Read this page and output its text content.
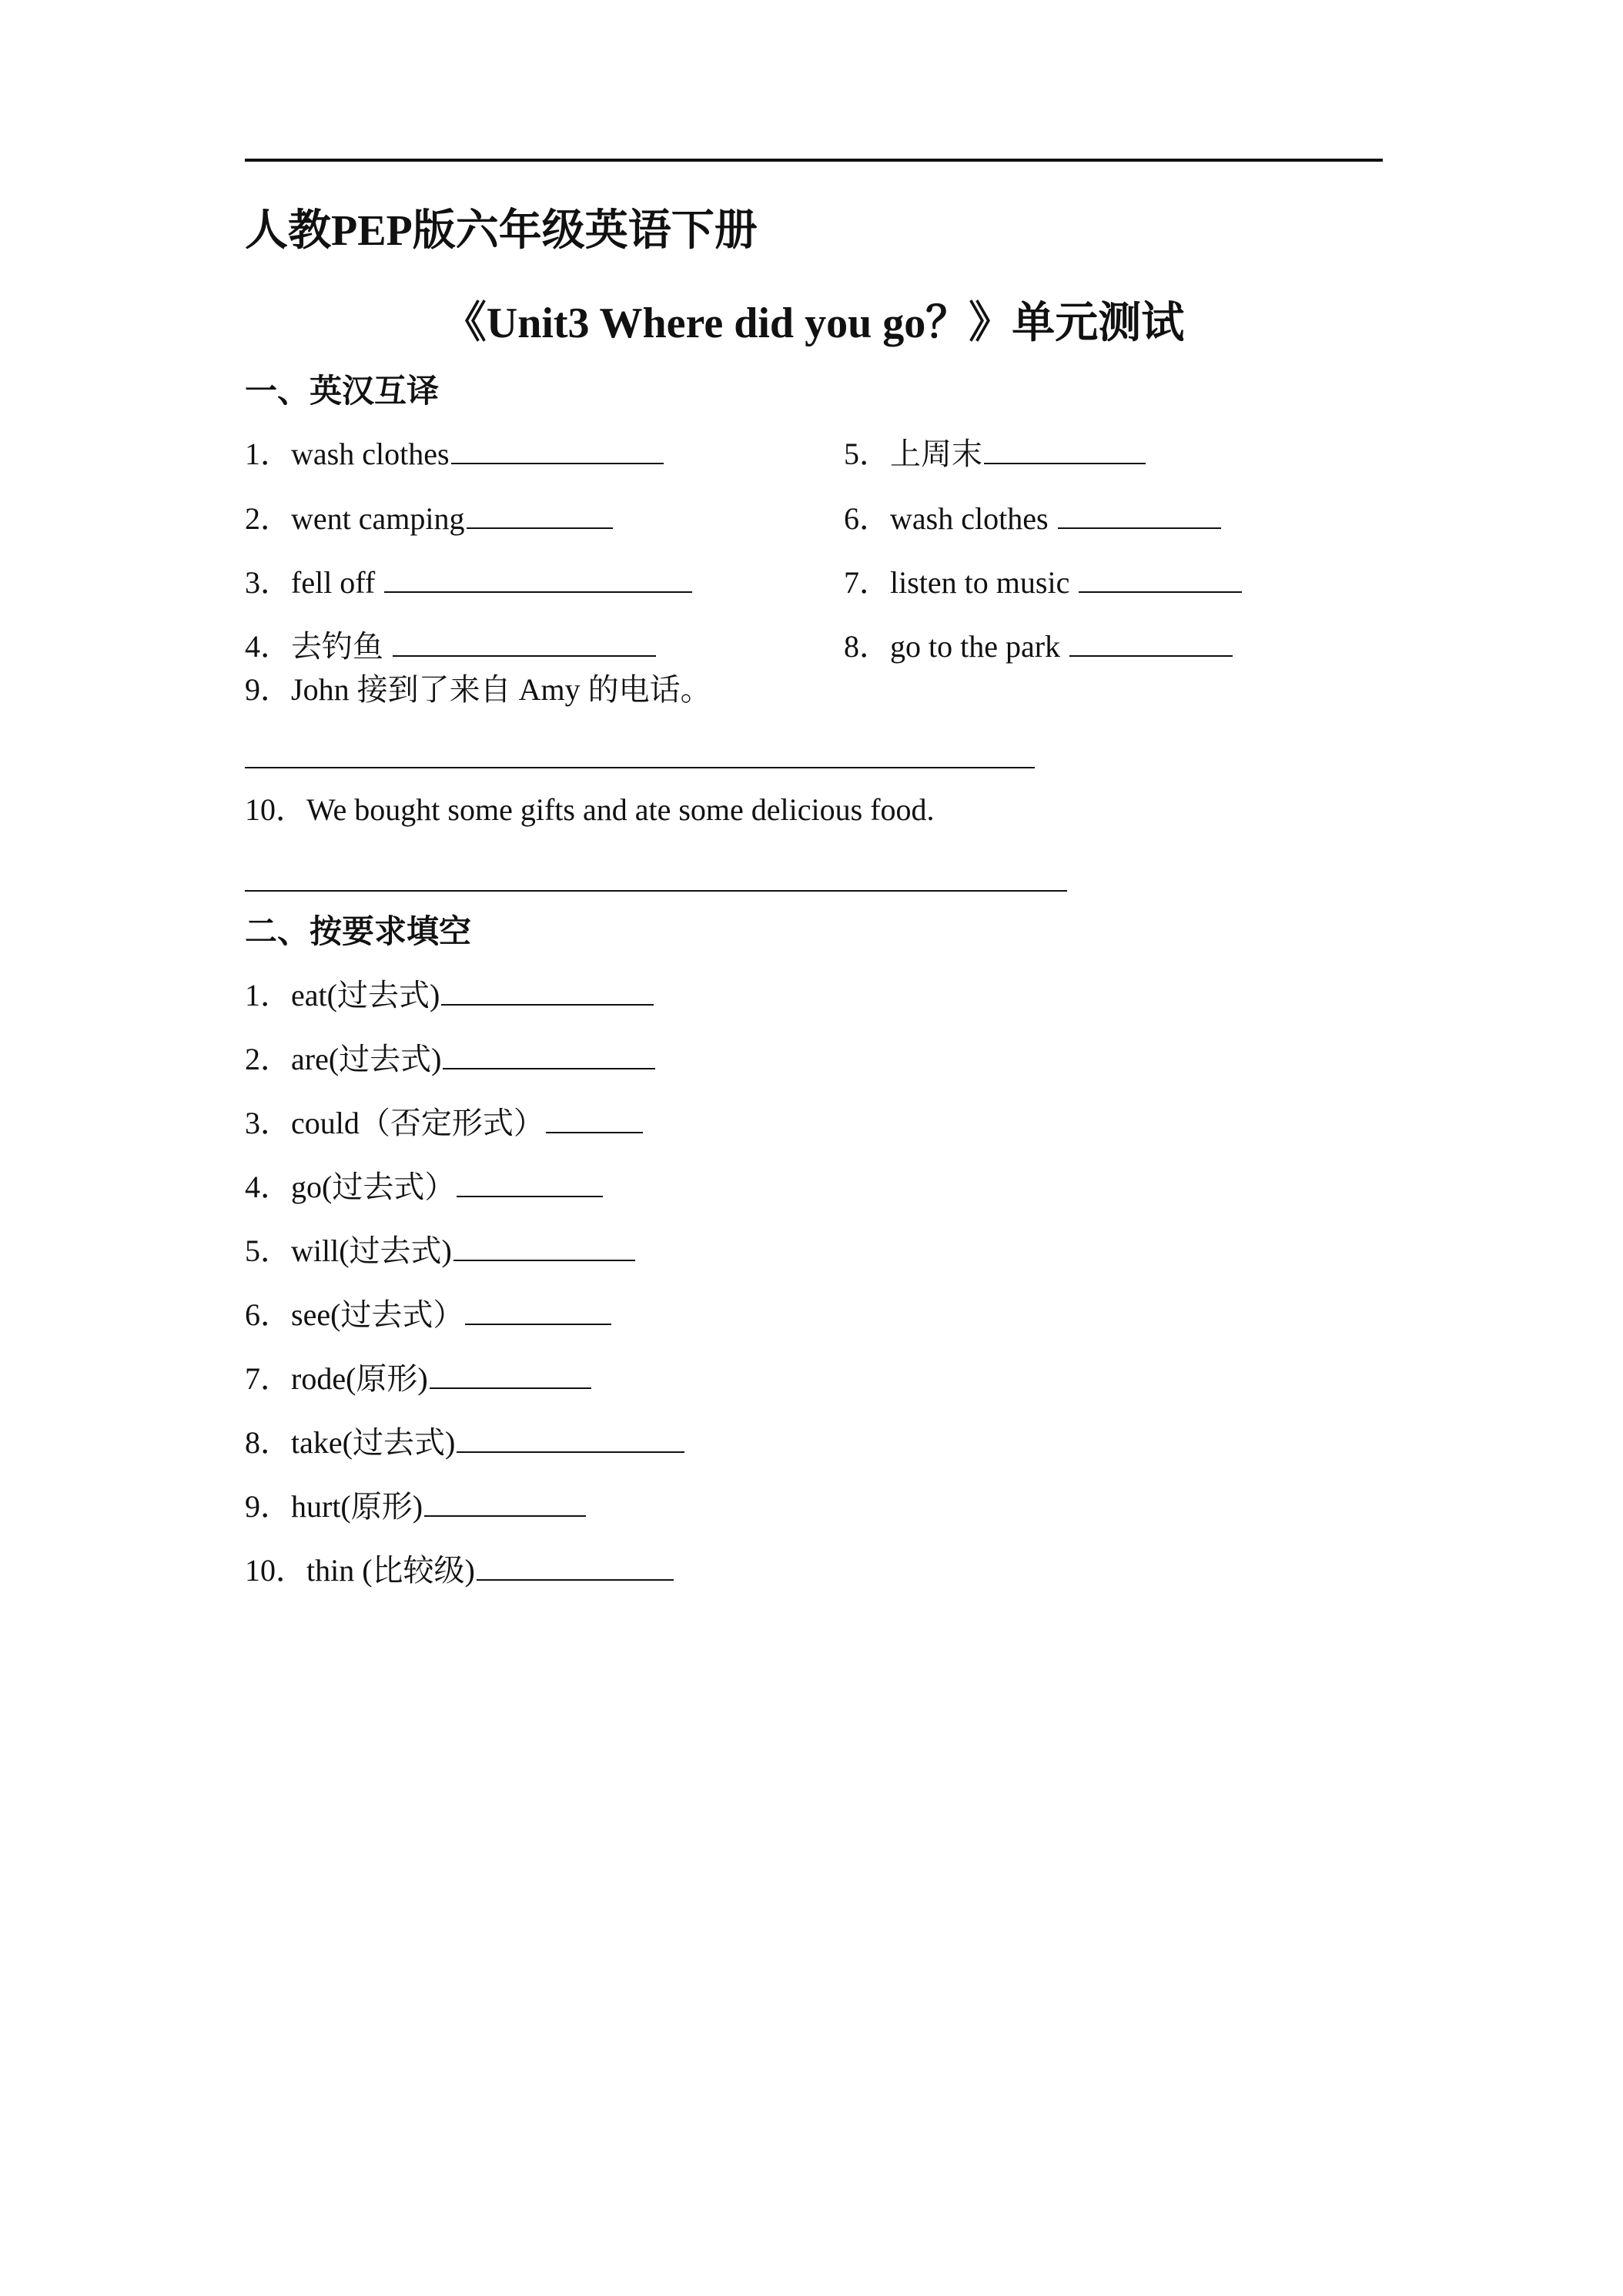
人教PEP版六年级英语下册
《Unit3 Where did you go？》单元测试
一、英汉互译
1．wash clothes
2．went camping
3．fell off
4．去钓鱼
5．上周末
6．wash clothes
7．listen to music
8．go to the park
9．John 接到了来自 Amy 的电话。
10．We bought some gifts and ate some delicious food.
二、按要求填空
1．eat(过去式)
2．are(过去式)
3．could（否定形式）
4．go(过去式）
5．will(过去式)
6．see(过去式）
7．rode(原形)
8．take(过去式)
9．hurt(原形)
10．thin (比较级)
